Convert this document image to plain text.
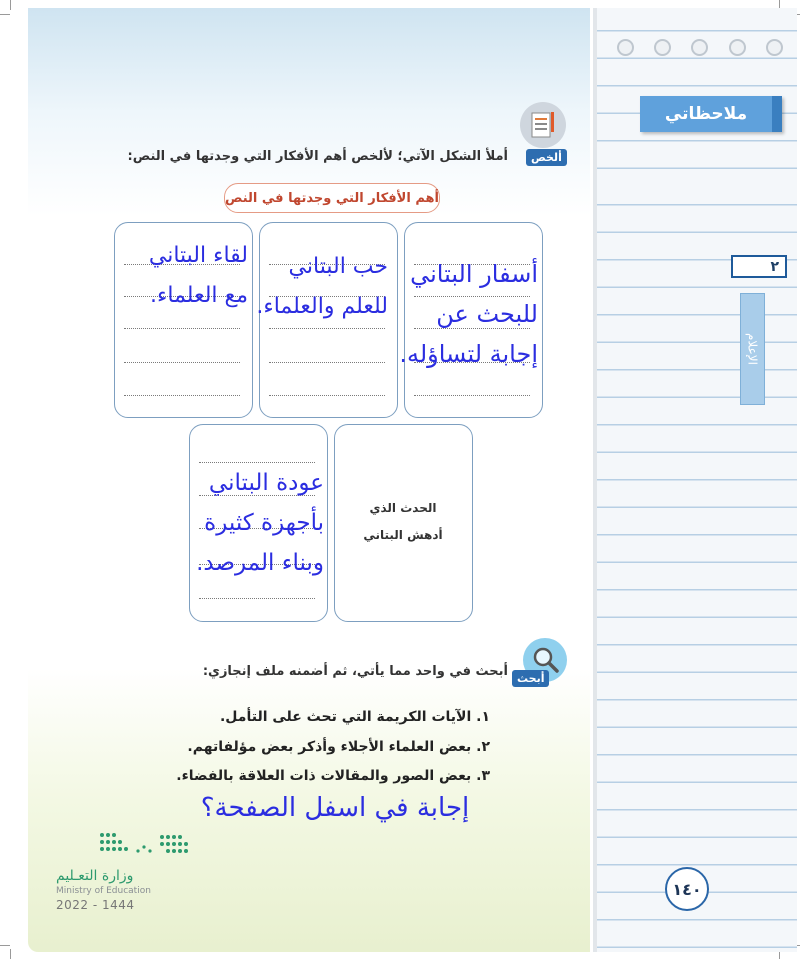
ملاحظاتي
٢
الإعلام
١٤٠
ألخص
أملأ الشكل الآتي؛ لألخص أهم الأفكار التي وجدتها في النص:
أهم الأفكار التي وجدتها في النص
أسفار البتاني
للبحث عن
إجابة لتساؤله.
حب البتاني
للعلم والعلماء.
لقاء البتاني
مع العلماء.
عودة البتاني
بأجهزة كثيرة
وبناء المرصد.
الحدث الذي
أدهش البتاني
أبحث
أبحث في واحد مما يأتي، ثم أضمنه ملف إنجازي:
١. الآيات الكريمة التي تحث على التأمل.
٢. بعض العلماء الأجلاء وأذكر بعض مؤلفاتهم.
٣. بعض الصور والمقالات ذات العلاقة بالفضاء.
إجابة في اسفل الصفحة؟
وزارة التعـليم
Ministry of Education
2022 - 1444
